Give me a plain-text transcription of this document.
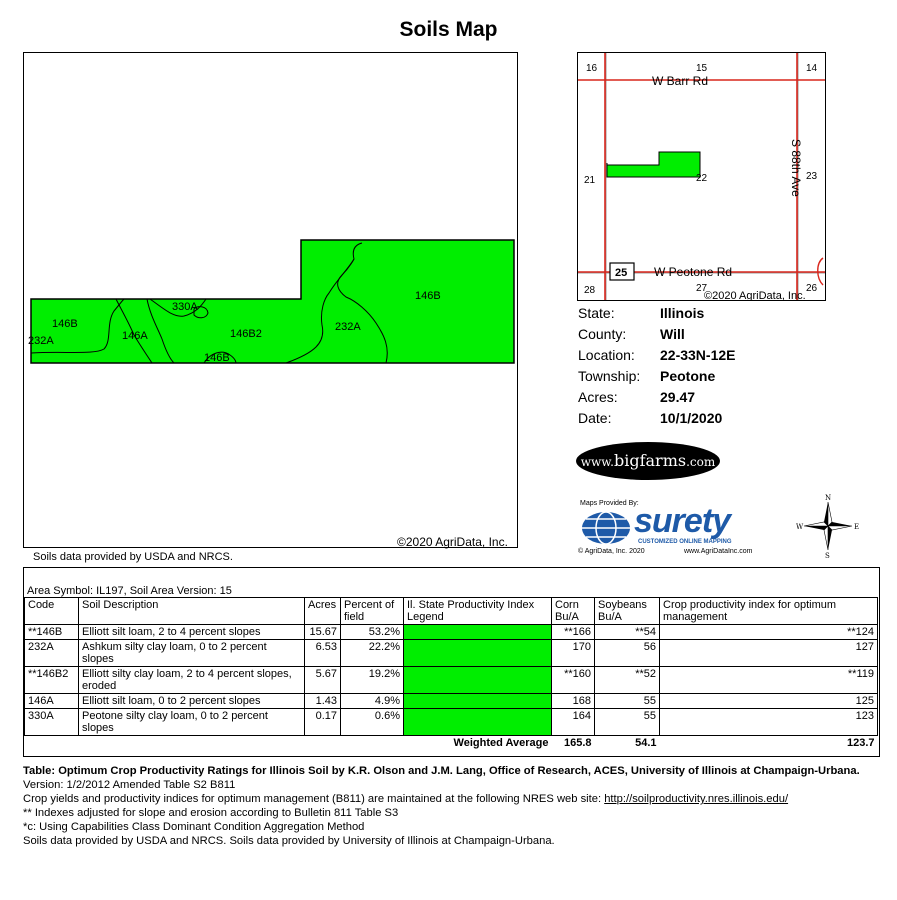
Soils Map
146B
330A
146B
232A	146A	146B2
146B
232A
©2020 AgriData, Inc.
Soils data provided by USDA and NRCS.
16	15	14
21	22	23
28	27	26
W Barr Rd
S 88th Ave
W Peotone Rd
25
©2020 AgriData, Inc.
State:	Illinois
County: Will
Location: 22-33N-12E
Township: Peotone
Acres:	29.47
Date:	10/1/2020
www.bigfarms.com
Maps Provided By:
surety
CUSTOMIZED ONLINE MAPPING
© AgriData, Inc. 2020	www.AgriDataInc.com
N
E
S
W
Area Symbol: IL197, Soil Area Version: 15
Code	Soil Description	Acres	Percent of field	Il. State Productivity Index Legend	Corn Bu/A	Soybeans Bu/A	Crop productivity index for optimum management
**146B	Elliott silt loam, 2 to 4 percent slopes	15.67	53.2%		**166	**54	**124
232A	Ashkum silty clay loam, 0 to 2 percent slopes	6.53	22.2%		170	56	127
**146B2	Elliott silty clay loam, 2 to 4 percent slopes, eroded	5.67	19.2%		**160	**52	**119
146A	Elliott silt loam, 0 to 2 percent slopes	1.43	4.9%		168	55	125
330A	Peotone silty clay loam, 0 to 2 percent slopes	0.17	0.6%		164	55	123
Weighted Average					165.8	54.1	123.7
Table: Optimum Crop Productivity Ratings for Illinois Soil by K.R. Olson and J.M. Lang, Office of Research, ACES, University of Illinois at Champaign-Urbana. Version: 1/2/2012 Amended Table S2 B811
Crop yields and productivity indices for optimum management (B811) are maintained at the following NRES web site: http://soilproductivity.nres.illinois.edu/
** Indexes adjusted for slope and erosion according to Bulletin 811 Table S3
*c: Using Capabilities Class Dominant Condition Aggregation Method
Soils data provided by USDA and NRCS. Soils data provided by University of Illinois at Champaign-Urbana.
